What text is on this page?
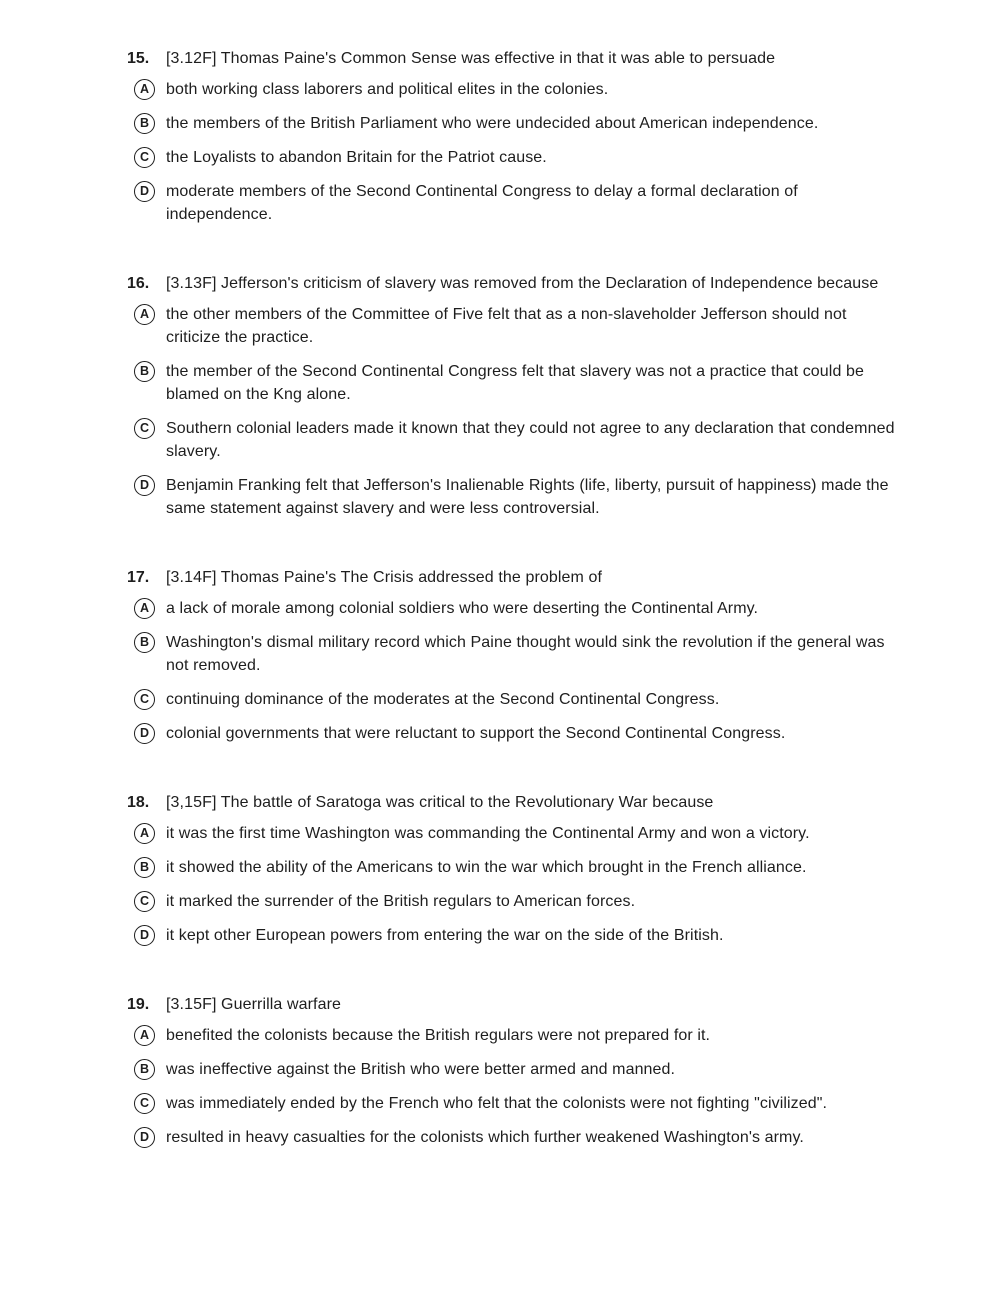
15.	[3.12F] Thomas Paine's Common Sense was effective in that it was able to persuade

A both working class laborers and political elites in the colonies.

B the members of the British Parliament who were undecided about American independence.

C the Loyalists to abandon Britain for the Patriot cause.

D moderate members of the Second Continental Congress to delay a formal declaration of independence.

16.	[3.13F] Jefferson's criticism of slavery was removed from the Declaration of Independence because

A the other members of the Committee of Five felt that as a non-slaveholder Jefferson should not criticize the practice.

B the member of the Second Continental Congress felt that slavery was not a practice that could be blamed on the Kng alone.

C Southern colonial leaders made it known that they could not agree to any declaration that condemned slavery.

D Benjamin Franking felt that Jefferson's Inalienable Rights (life, liberty, pursuit of happiness) made the same statement against slavery and were less controversial.

17.	[3.14F] Thomas Paine's The Crisis addressed the problem of

A a lack of morale among colonial soldiers who were deserting the Continental Army.

B Washington's dismal military record which Paine thought would sink the revolution if the general was not removed.

C continuing dominance of the moderates at the Second Continental Congress.

D colonial governments that were reluctant to support the Second Continental Congress.

18.	[3,15F] The battle of Saratoga was critical to the Revolutionary War because

A it was the first time Washington was commanding the Continental Army and won a victory.

B it showed the ability of the Americans to win the war which brought in the French alliance.

C it marked the surrender of the British regulars to American forces.

D it kept other European powers from entering the war on the side of the British.

19.	[3.15F] Guerrilla warfare

A benefited the colonists because the British regulars were not prepared for it.

B was ineffective against the British who were better armed and manned.

C was immediately ended by the French who felt that the colonists were not fighting "civilized".

D resulted in heavy casualties for the colonists which further weakened Washington's army.
